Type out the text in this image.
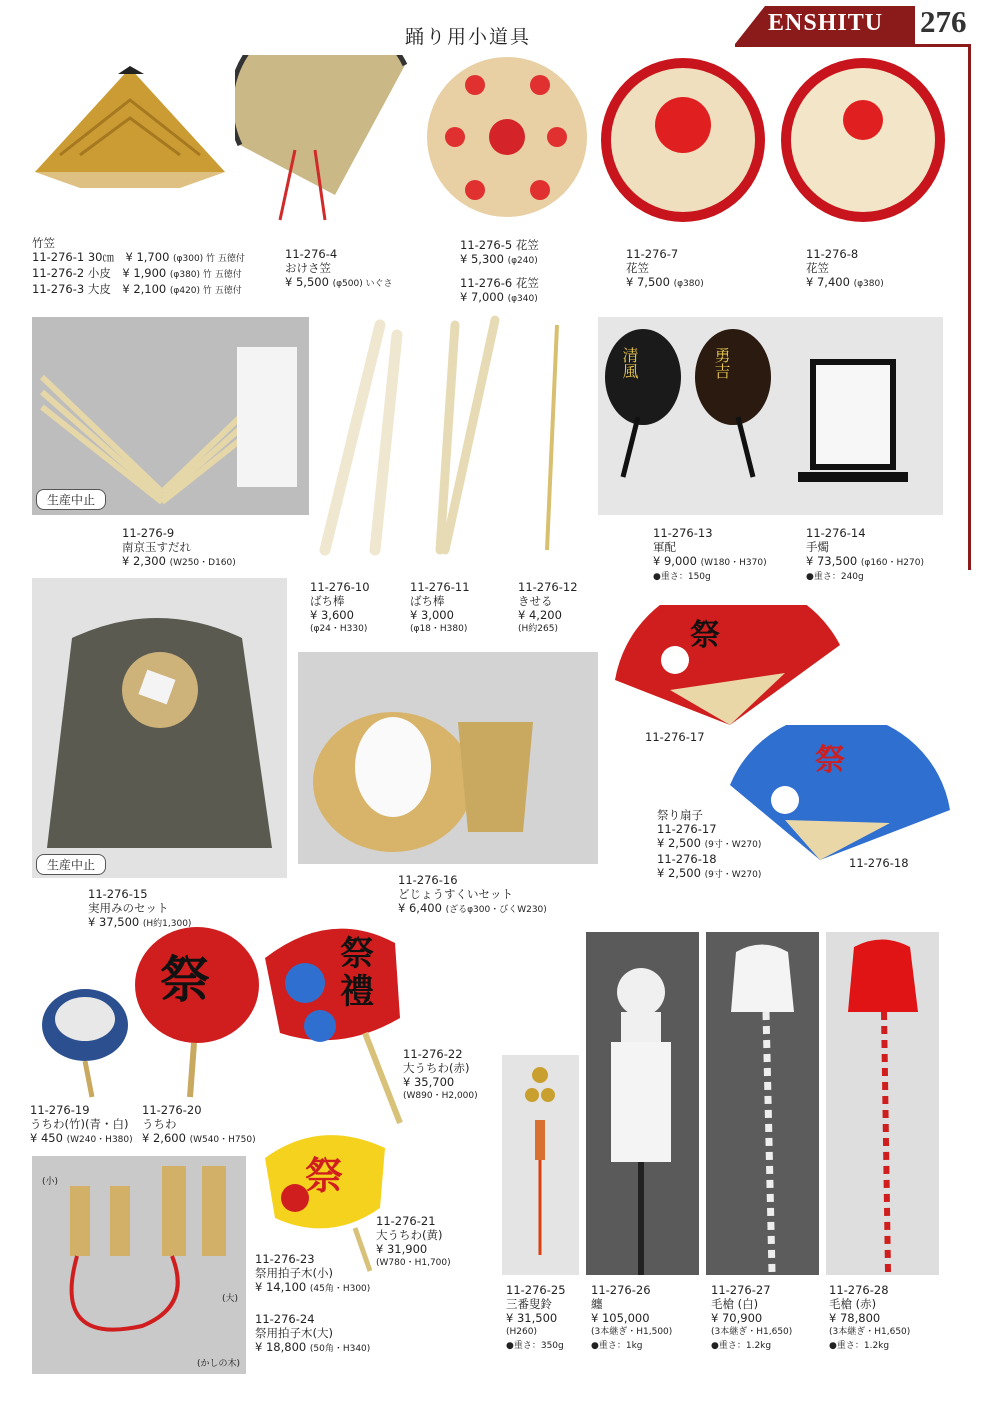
踊り用小道具
ENSHITU 276
竹笠
11-276-1 30㎝　¥ 1,700 (φ300) 竹 五徳付
11-276-2 小皮　¥ 1,900 (φ380) 竹 五徳付
11-276-3 大皮　¥ 2,100 (φ420) 竹 五徳付
11-276-4
おけさ笠
¥ 5,500 (φ500) いぐさ
11-276-5 花笠
¥ 5,300 (φ240)
11-276-6 花笠
¥ 7,000 (φ340)
11-276-7
花笠
¥ 7,500 (φ380)
11-276-8
花笠
¥ 7,400 (φ380)
生産中止
11-276-9
南京玉すだれ
¥ 2,300 (W250・D160)
11-276-10
ばち棒
¥ 3,600
(φ24・H330)
11-276-11
ばち棒
¥ 3,000
(φ18・H380)
11-276-12
きせる
¥ 4,200
(H約265)
清風	勇吉
11-276-13
軍配
¥ 9,000 (W180・H370)
●重さ：150g
11-276-14
手燭
¥ 73,500 (φ160・H270)
●重さ：240g
生産中止
11-276-15
実用みのセット
¥ 37,500 (H約1,300)
11-276-16
どじょうすくいセット
¥ 6,400 (ざるφ300・びくW230)
祭
11-276-17
祭
11-276-18
祭り扇子
11-276-17
¥ 2,500 (9寸・W270)
11-276-18
¥ 2,500 (9寸・W270)
11-276-19
うちわ(竹)(青・白)
¥ 450 (W240・H380)
祭
11-276-20
うちわ
¥ 2,600 (W540・H750)
祭 禮
11-276-22
大うちわ(赤)
¥ 35,700
(W890・H2,000)
祭
11-276-21
大うちわ(黄)
¥ 31,900
(W780・H1,700)
(小)
(大)
(かしの木)
11-276-23
祭用拍子木(小)
¥ 14,100 (45角・H300)
11-276-24
祭用拍子木(大)
¥ 18,800 (50角・H340)
11-276-25
三番叟鈴
¥ 31,500
(H260)
●重さ：350g
11-276-26
纏
¥ 105,000
(3本継ぎ・H1,500)
●重さ：1kg
11-276-27
毛槍 (白)
¥ 70,900
(3本継ぎ・H1,650)
●重さ：1.2kg
11-276-28
毛槍 (赤)
¥ 78,800
(3本継ぎ・H1,650)
●重さ：1.2kg
